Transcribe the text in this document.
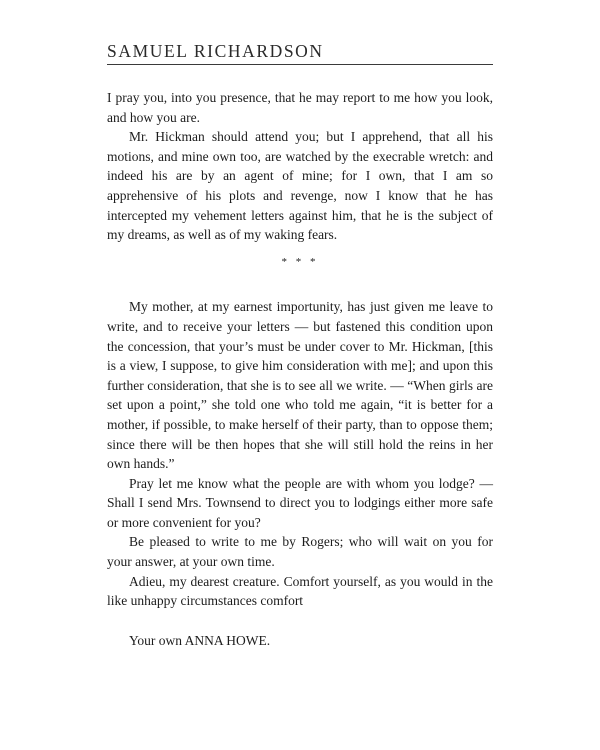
SAMUEL RICHARDSON

I pray you, into you presence, that he may report to me how you look, and how you are.

Mr. Hickman should attend you; but I apprehend, that all his motions, and mine own too, are watched by the execrable wretch: and indeed his are by an agent of mine; for I own, that I am so apprehensive of his plots and revenge, now I know that he has intercepted my vehement letters against him, that he is the subject of my dreams, as well as of my waking fears.

* * *

My mother, at my earnest importunity, has just given me leave to write, and to receive your letters — but fastened this condition upon the concession, that your’s must be under cover to Mr. Hickman, [this is a view, I suppose, to give him consideration with me]; and upon this further consideration, that she is to see all we write. — “When girls are set upon a point,” she told one who told me again, “it is better for a mother, if possible, to make herself of their party, than to oppose them; since there will be then hopes that she will still hold the reins in her own hands.”

Pray let me know what the people are with whom you lodge? — Shall I send Mrs. Townsend to direct you to lodgings either more safe or more convenient for you?

Be pleased to write to me by Rogers; who will wait on you for your answer, at your own time.

Adieu, my dearest creature. Comfort yourself, as you would in the like unhappy circumstances comfort

Your own ANNA HOWE.
